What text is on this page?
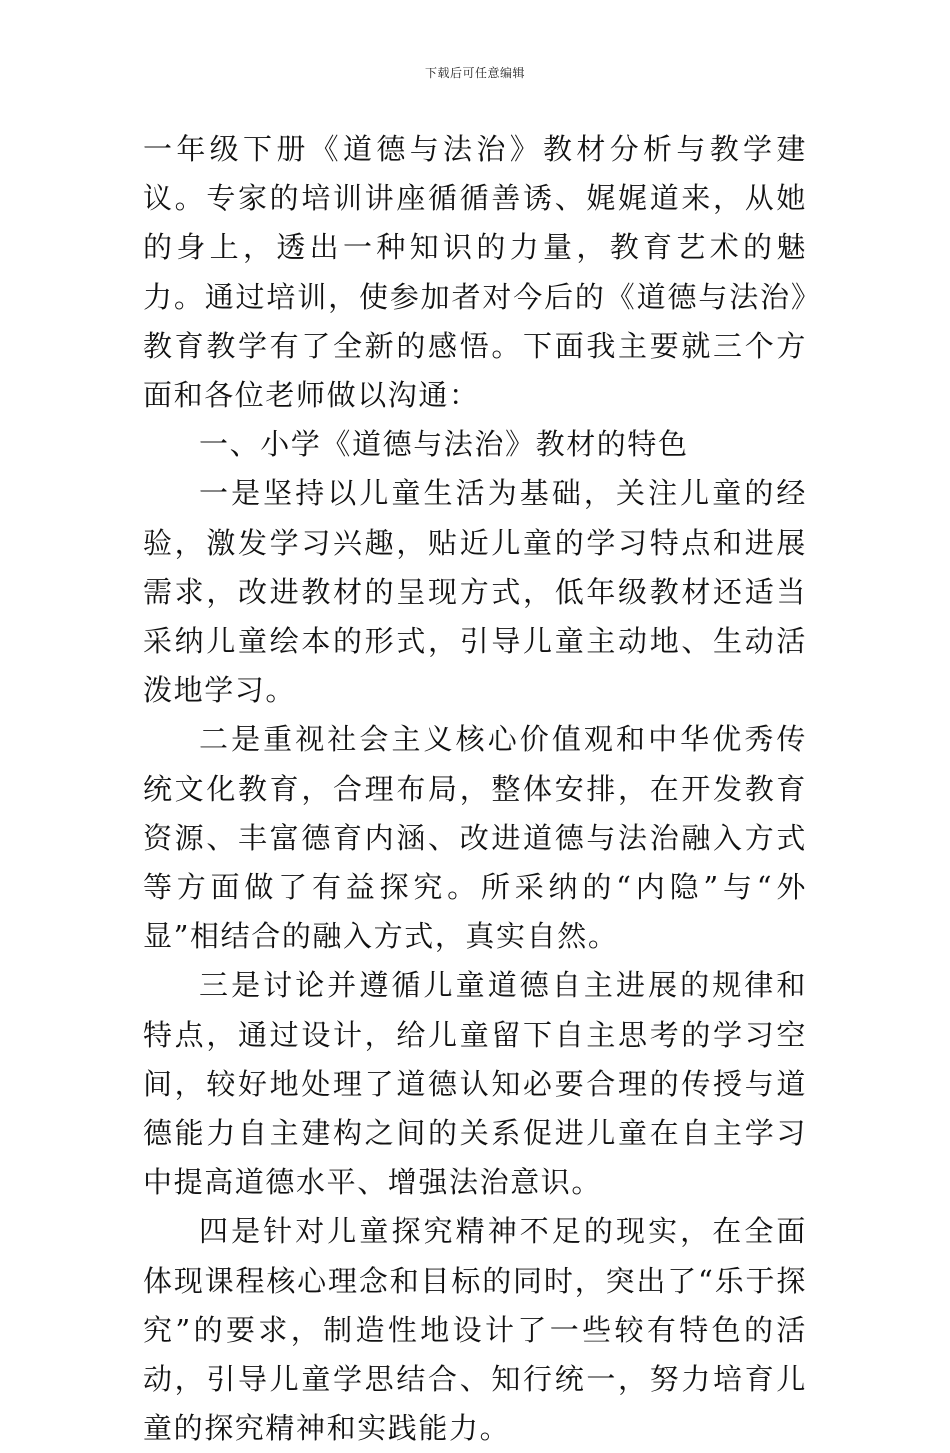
下载后可任意编辑

一年级下册《道德与法治》教材分析与教学建议。专家的培训讲座循循善诱、娓娓道来，从她的身上，透出一种知识的力量，教育艺术的魅力。通过培训，使参加者对今后的《道德与法治》教育教学有了全新的感悟。下面我主要就三个方面和各位老师做以沟通：

一、小学《道德与法治》教材的特色

一是坚持以儿童生活为基础，关注儿童的经验，激发学习兴趣，贴近儿童的学习特点和进展需求，改进教材的呈现方式，低年级教材还适当采纳儿童绘本的形式，引导儿童主动地、生动活泼地学习。

二是重视社会主义核心价值观和中华优秀传统文化教育，合理布局，整体安排，在开发教育资源、丰富德育内涵、改进道德与法治融入方式等方面做了有益探究。所采纳的“内隐”与“外显”相结合的融入方式，真实自然。

三是讨论并遵循儿童道德自主进展的规律和特点，通过设计，给儿童留下自主思考的学习空间，较好地处理了道德认知必要合理的传授与道德能力自主建构之间的关系促进儿童在自主学习中提高道德水平、增强法治意识。

四是针对儿童探究精神不足的现实，在全面体现课程核心理念和目标的同时，突出了“乐于探究”的要求，制造性地设计了一些较有特色的活动，引导儿童学思结合、知行统一，努力培育儿童的探究精神和实践能力。
